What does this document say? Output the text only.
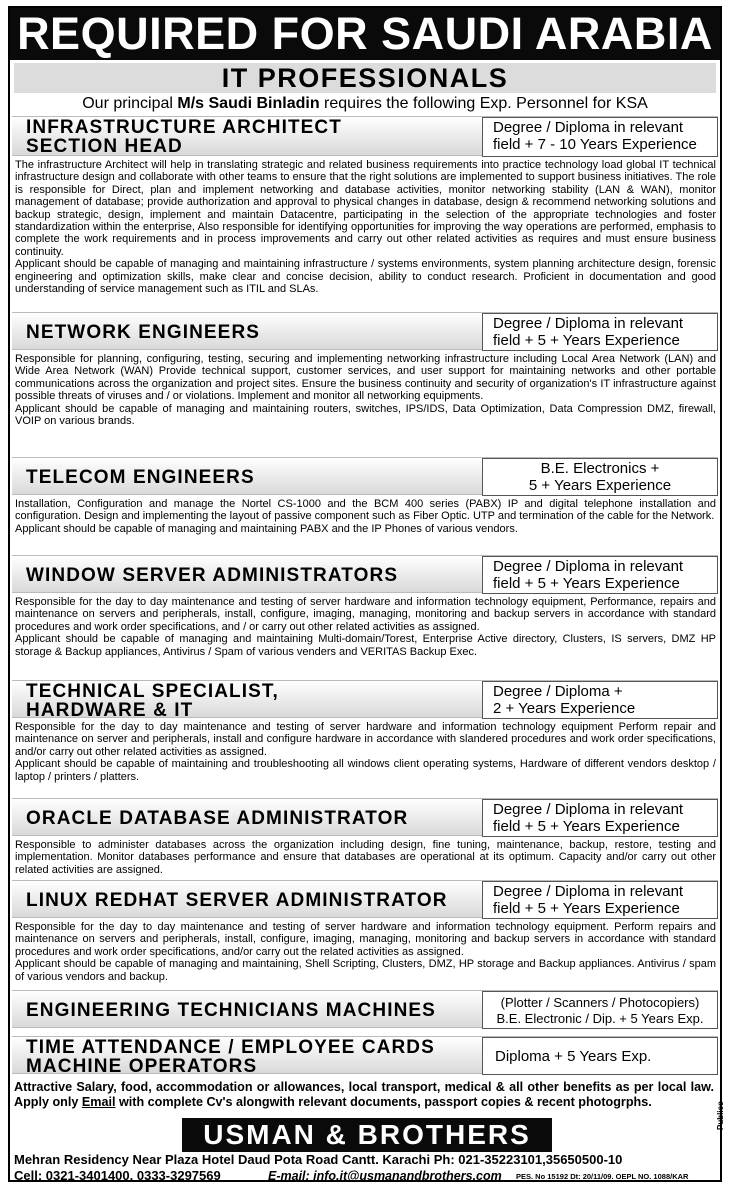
REQUIRED FOR SAUDI ARABIA
IT PROFESSIONALS
Our principal M/s Saudi Binladin requires the following Exp. Personnel for KSA
INFRASTRUCTURE ARCHITECT
SECTION HEAD
Degree / Diploma in relevant
field + 7 - 10 Years Experience

The infrastructure Architect will help in translating strategic and related business requirements into practice technology load global IT technical infrastructure design and collaborate with other teams to ensure that the right solutions are implemented to support business initiatives. The role is responsible for Direct, plan and implement networking and database activities, monitor networking stability (LAN & WAN), monitor management of database; provide authorization and approval to physical changes in database, design & recommend networking solutions and backup strategic, design, implement and maintain Datacentre, participating in the selection of the appropriate technologies and foster standardization within the enterprise, Also responsible for identifying opportunities for improving the way operations are performed, emphasis to complete the work requirements and in process improvements and carry out other related activities as requires and must ensure business continuity.

Applicant should be capable of managing and maintaining infrastructure / systems environments, system planning architecture design, forensic engineering and optimization skills, make clear and concise decision, ability to conduct research. Proficient in documentation and good understanding of service management such as ITIL and SLAs.

NETWORK ENGINEERS	Degree / Diploma in relevant
field + 5 + Years Experience

Responsible for planning, configuring, testing, securing and implementing networking infrastructure including Local Area Network (LAN) and Wide Area Network (WAN) Provide technical support, customer services, and user support for maintaining networks and other portable communications across the organization and project sites. Ensure the business continuity and security of organization's IT infrastructure against possible threats of viruses and / or violations. Implement and monitor all networking equipments.

Applicant should be capable of managing and maintaining routers, switches, IPS/IDS, Data Optimization, Data Compression DMZ, firewall, VOIP on various brands.

TELECOM ENGINEERS	B.E. Electronics +
5 + Years Experience

Installation, Configuration and manage the Nortel CS-1000 and the BCM 400 series (PABX) IP and digital telephone installation and configuration. Design and implementing the layout of passive component such as Fiber Optic. UTP and termination of the cable for the Network.

Applicant should be capable of managing and maintaining PABX and the IP Phones of various vendors.

WINDOW SERVER ADMINISTRATORS	Degree / Diploma in relevant
field + 5 + Years Experience

Responsible for the day to day maintenance and testing of server hardware and information technology equipment, Performance, repairs and maintenance on servers and peripherals, install, configure, imaging, managing, monitoring and backup servers in accordance with standard procedures and work order specifications, and / or carry out other related activities as assigned.

Applicant should be capable of managing and maintaining Multi-domain/Torest, Enterprise Active directory, Clusters, IS servers, DMZ HP storage & Backup appliances, Antivirus / Spam of various venders and VERITAS Backup Exec.

TECHNICAL SPECIALIST,
HARDWARE & IT
Degree / Diploma +
2 + Years Experience

Responsible for the day to day maintenance and testing of server hardware and information technology equipment Perform repair and maintenance on server and peripherals, install and configure hardware in accordance with slandered procedures and work order specifications, and/or carry out other related activities as assigned.

Applicant should be capable of maintaining and troubleshooting all windows client operating systems, Hardware of different vendors desktop / laptop / printers / platters.

ORACLE DATABASE ADMINISTRATOR	Degree / Diploma in relevant
field + 5 + Years Experience

Responsible to administer databases across the organization including design, fine tuning, maintenance, backup, restore, testing and implementation. Monitor databases performance and ensure that databases are operational at its optimum. Capacity and/or carry out other related activities are assigned.

LINUX REDHAT SERVER ADMINISTRATOR	Degree / Diploma in relevant
field + 5 + Years Experience

Responsible for the day to day maintenance and testing of server hardware and information technology equipment. Perform repairs and maintenance on servers and peripherals, install, configure, imaging, managing, monitoring and backup servers in accordance with standard procedures and work order specifications, and/or carry out the related activities as assigned.

Applicant should be capable of managing and maintaining, Shell Scripting, Clusters, DMZ, HP storage and Backup appliances. Antivirus / spam of various vendors and backup.

ENGINEERING TECHNICIANS MACHINES	(Plotter / Scanners / Photocopiers)
B.E. Electronic / Dip. + 5 Years Exp.
TIME ATTENDANCE / EMPLOYEE CARDS
MACHINE OPERATORS	Diploma + 5 Years Exp.
Attractive Salary, food, accommodation or allowances, local transport, medical & all other benefits as per local law. Apply only Email with complete Cv's alongwith relevant documents, passport copies & recent photogrphs.
USMAN & BROTHERS
Mehran Residency Near Plaza Hotel Daud Pota Road Cantt. Karachi Ph: 021-35223101,35650500-10
Cell: 0321-3401400, 0333-3297569	E-mail: info.it@usmanandbrothers.com PES. No 15192 Dt: 20/11/09. OEPL NO. 1088/KAR
Publico
